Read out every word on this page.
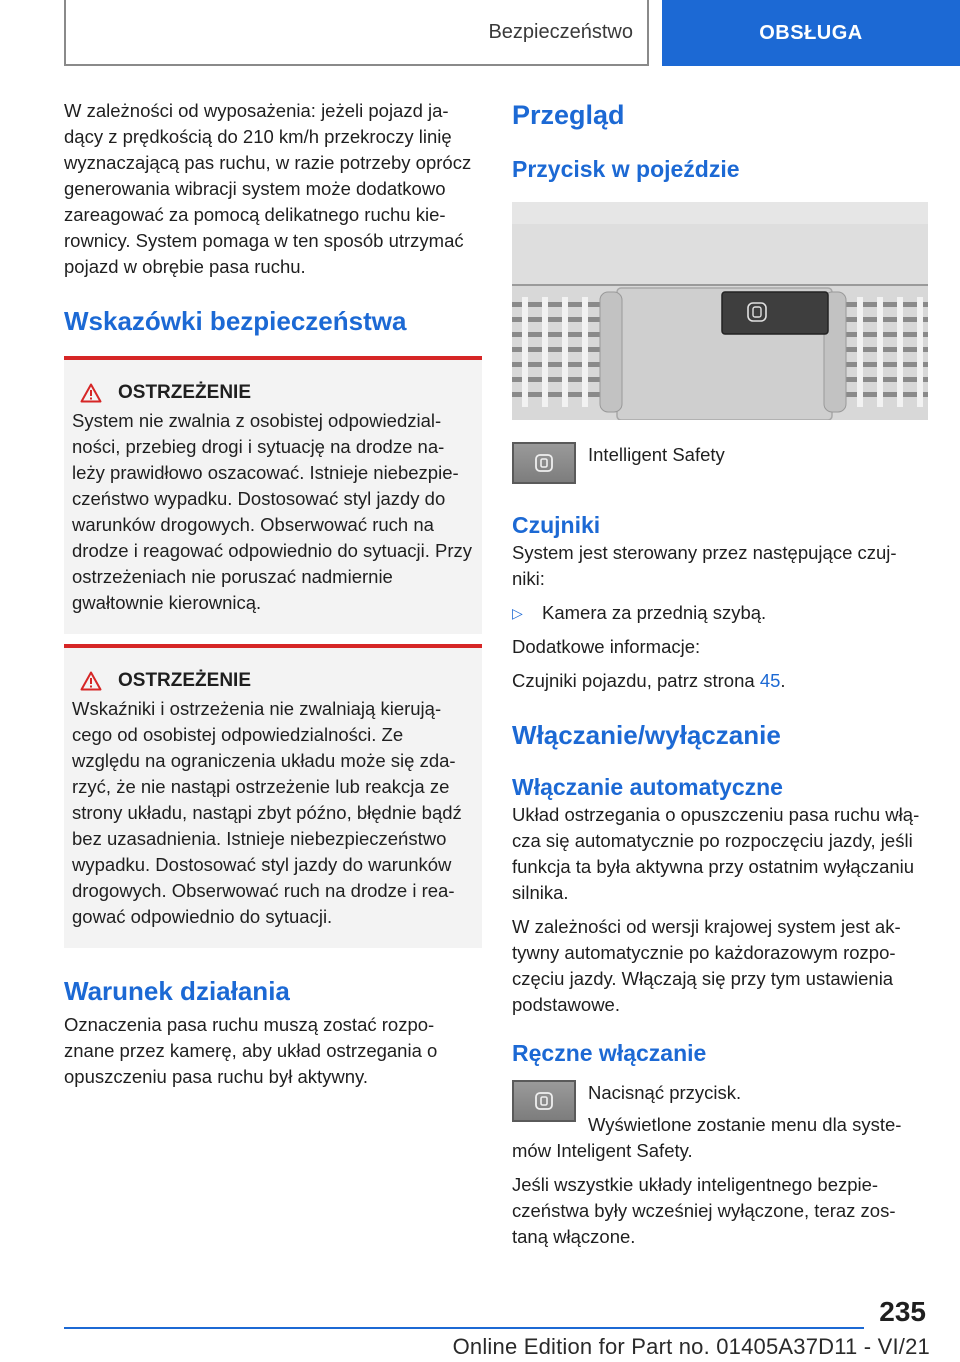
Bezpieczeństwo	OBSŁUGA

W zależności od wyposażenia: jeżeli pojazd ja-dący z prędkością do 210 km/h przekroczy linię wyznaczającą pas ruchu, w razie potrzeby oprócz generowania wibracji system może dodatkowo zareagować za pomocą delikatnego ruchu kie-rownicy. System pomaga w ten sposób utrzymać pojazd w obrębie pasa ruchu.

Wskazówki bezpieczeństwa
OSTRZEŻENIE

System nie zwalnia z osobistej odpowiedzial-ności, przebieg drogi i sytuację na drodze na-leży prawidłowo oszacować. Istnieje niebezpie-czeństwo wypadku. Dostosować styl jazdy do warunków drogowych. Obserwować ruch na drodze i reagować odpowiednio do sytuacji. Przy ostrzeżeniach nie poruszać nadmiernie gwałtownie kierownicą.

OSTRZEŻENIE

Wskaźniki i ostrzeżenia nie zwalniają kierują-cego od osobistej odpowiedzialności. Ze względu na ograniczenia układu może się zda-rzyć, że nie nastąpi ostrzeżenie lub reakcja ze strony układu, nastąpi zbyt późno, błędnie bądź bez uzasadnienia. Istnieje niebezpieczeństwo wypadku. Dostosować styl jazdy do warunków drogowych. Obserwować ruch na drodze i rea-gować odpowiednio do sytuacji.

Warunek działania

Oznaczenia pasa ruchu muszą zostać rozpo-znane przez kamerę, aby układ ostrzegania o opuszczeniu pasa ruchu był aktywny.

Przegląd
Przycisk w pojeździe

Intelligent Safety

Czujniki

System jest sterowany przez następujące czuj-niki:

▷	Kamera za przednią szybą.

Dodatkowe informacje:

Czujniki pojazdu, patrz strona 45.

Włączanie/wyłączanie
Włączanie automatyczne

Układ ostrzegania o opuszczeniu pasa ruchu włą-cza się automatycznie po rozpoczęciu jazdy, jeśli funkcja ta była aktywna przy ostatnim wyłączaniu silnika.

W zależności od wersji krajowej system jest ak-tywny automatycznie po każdorazowym rozpo-częciu jazdy. Włączają się przy tym ustawienia podstawowe.

Ręczne włączanie

Nacisnąć przycisk.

Wyświetlone zostanie menu dla syste-mów Inteligent Safety.

Jeśli wszystkie układy inteligentnego bezpie-czeństwa były wcześniej wyłączone, teraz zos-taną włączone.

235
Online Edition for Part no. 01405A37D11 - VI/21
